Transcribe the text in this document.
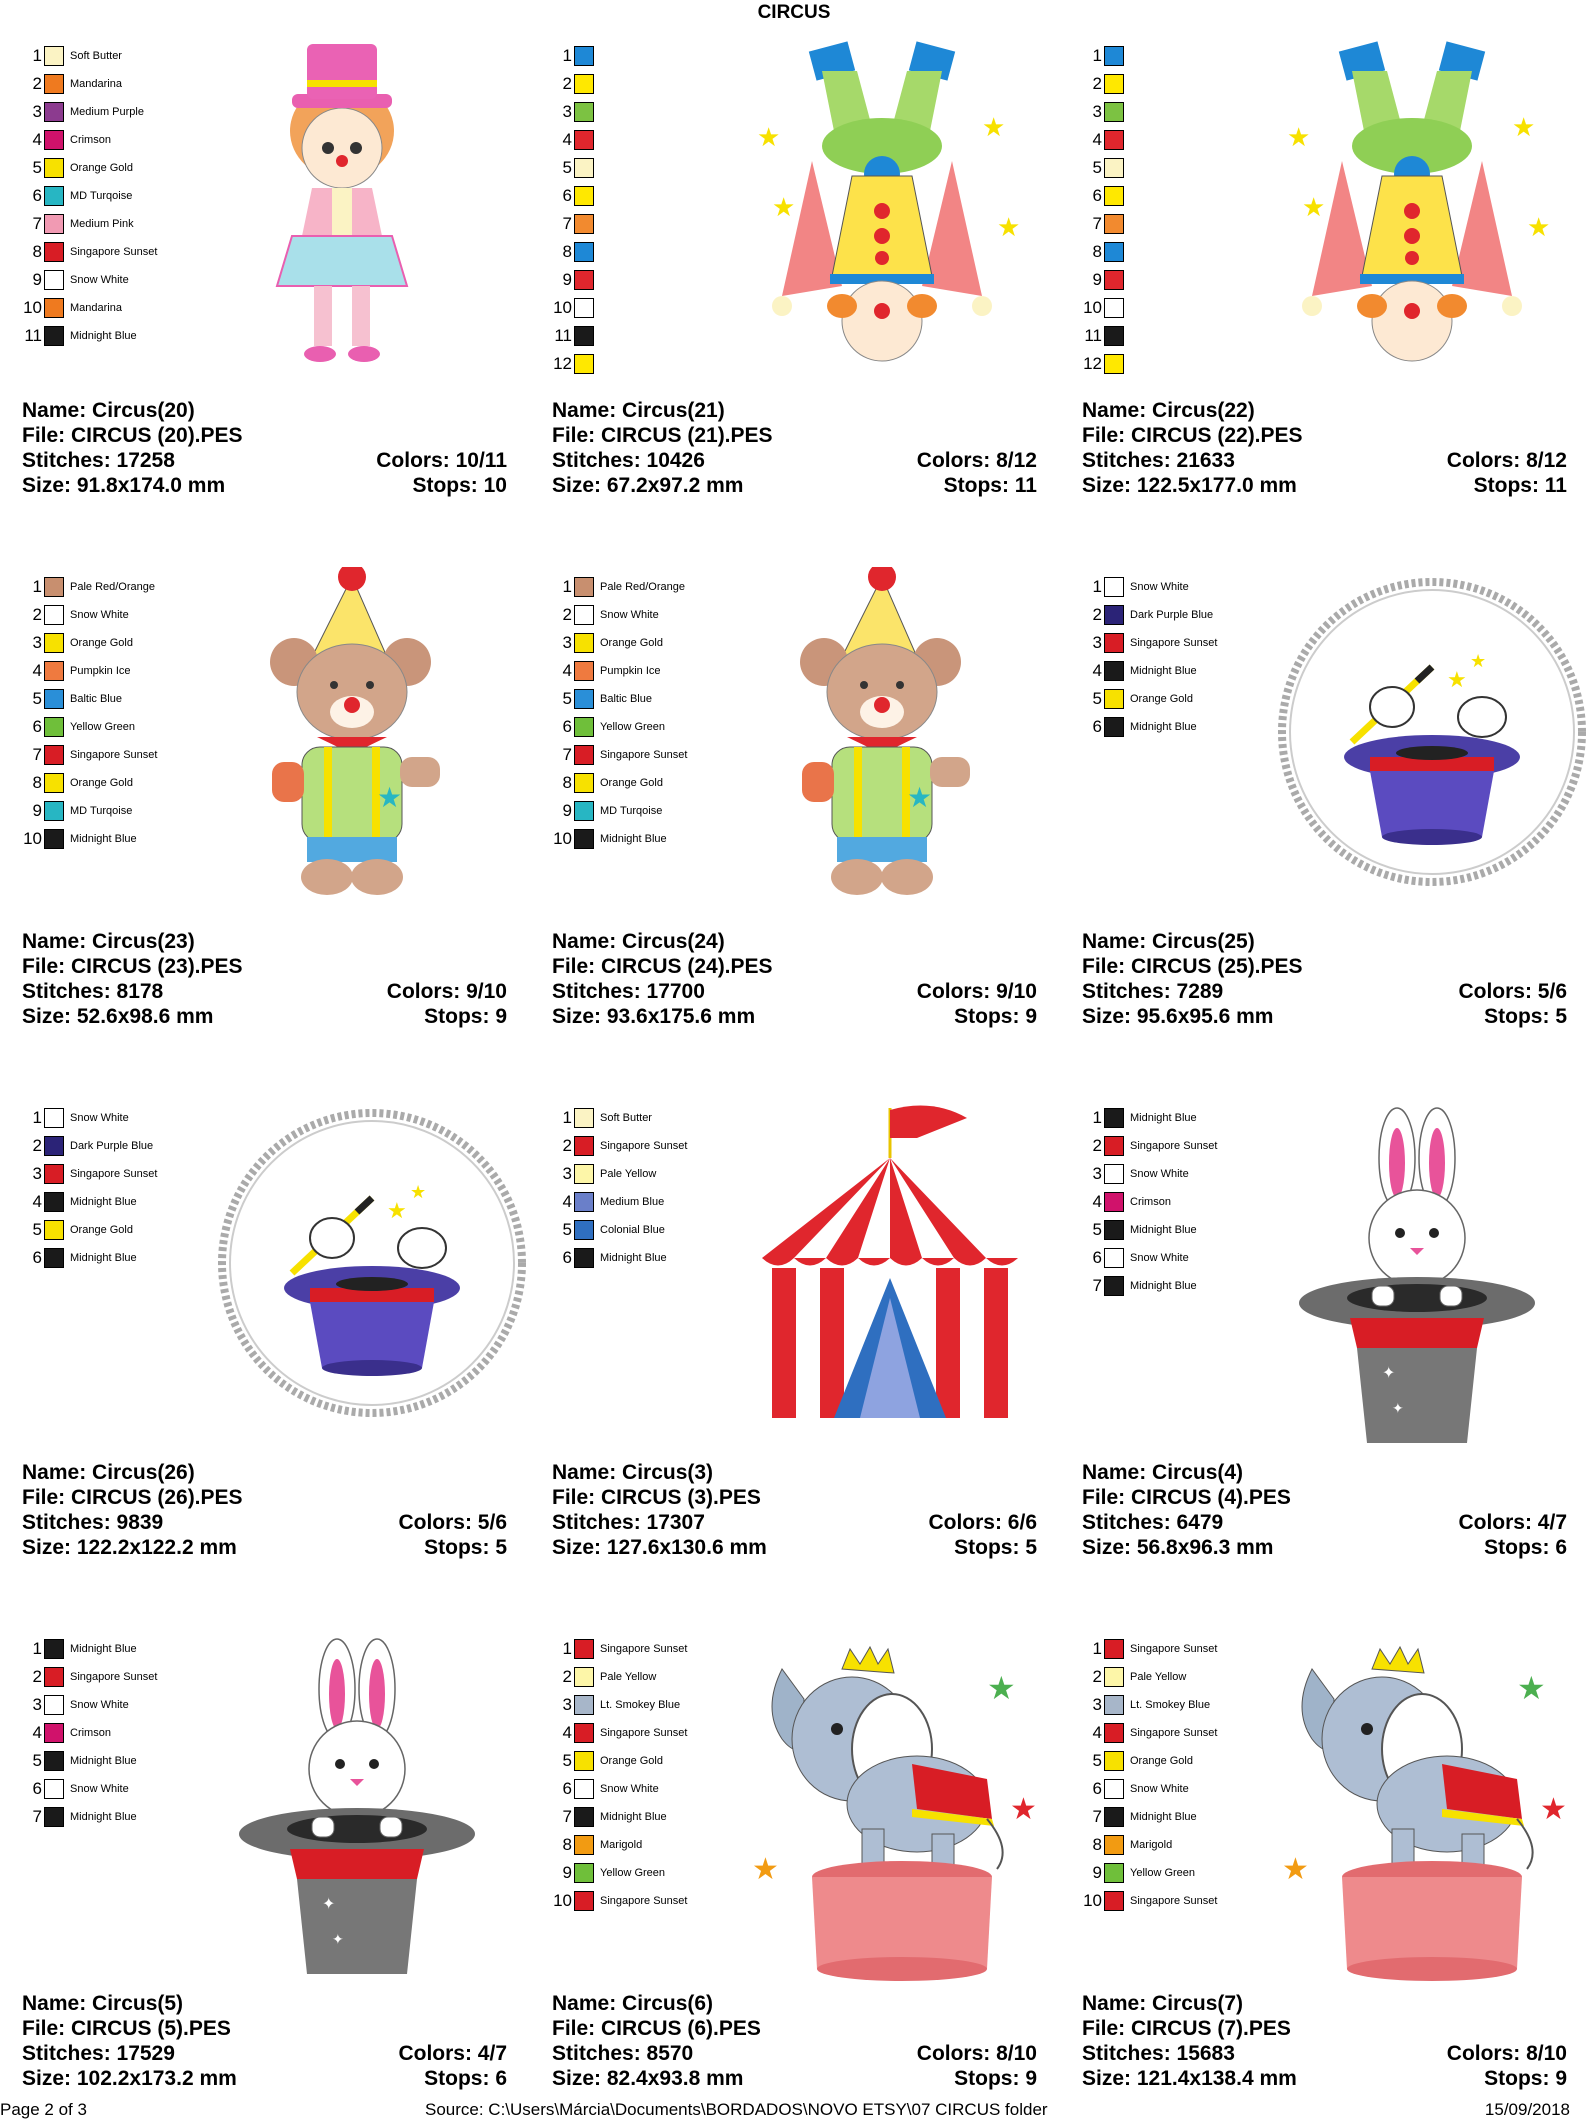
CIRCUS
1	Soft Butter
2	Mandarina
3	Medium Purple
4	Crimson
5	Orange Gold
6	MD Turqoise
7	Medium Pink
8	Singapore Sunset
9	Snow White
10	Mandarina
11	Midnight Blue
Name: Circus(20)
File: CIRCUS (20).PES
Stitches: 17258	Colors: 10/11
Size: 91.8x174.0 mm	Stops: 10
1
2
3
4
5
6
7
8
9
10
11
12
★	★
★
★
Name: Circus(21)
File: CIRCUS (21).PES
Stitches: 10426	Colors: 8/12
Size: 67.2x97.2 mm	Stops: 11
1
2
3
4
5
6
7
8
9
10
11
12
★	★
★
★
Name: Circus(22)
File: CIRCUS (22).PES
Stitches: 21633	Colors: 8/12
Size: 122.5x177.0 mm	Stops: 11
1	Pale Red/Orange
2	Snow White
3	Orange Gold
4	Pumpkin Ice
5	Baltic Blue
6	Yellow Green
7	Singapore Sunset
8	Orange Gold
9	MD Turqoise
10	Midnight Blue
★
Name: Circus(23)
File: CIRCUS (23).PES
Stitches: 8178	Colors: 9/10
Size: 52.6x98.6 mm	Stops: 9
1	Pale Red/Orange
2	Snow White
3	Orange Gold
4	Pumpkin Ice
5	Baltic Blue
6	Yellow Green
7	Singapore Sunset
8	Orange Gold
9	MD Turqoise
10	Midnight Blue
★
Name: Circus(24)
File: CIRCUS (24).PES
Stitches: 17700	Colors: 9/10
Size: 93.6x175.6 mm	Stops: 9
1	Snow White
2	Dark Purple Blue
3	Singapore Sunset
4	Midnight Blue
5	Orange Gold
6	Midnight Blue
★
★
Name: Circus(25)
File: CIRCUS (25).PES
Stitches: 7289	Colors: 5/6
Size: 95.6x95.6 mm	Stops: 5
1	Snow White
2	Dark Purple Blue
3	Singapore Sunset
4	Midnight Blue
5	Orange Gold
6	Midnight Blue
★
★
Name: Circus(26)
File: CIRCUS (26).PES
Stitches: 9839	Colors: 5/6
Size: 122.2x122.2 mm	Stops: 5
1	Soft Butter
2	Singapore Sunset
3	Pale Yellow
4	Medium Blue
5	Colonial Blue
6	Midnight Blue
Name: Circus(3)
File: CIRCUS (3).PES
Stitches: 17307	Colors: 6/6
Size: 127.6x130.6 mm	Stops: 5
1	Midnight Blue
2	Singapore Sunset
3	Snow White
4	Crimson
5	Midnight Blue
6	Snow White
7	Midnight Blue
✦
✦
Name: Circus(4)
File: CIRCUS (4).PES
Stitches: 6479	Colors: 4/7
Size: 56.8x96.3 mm	Stops: 6
1	Midnight Blue
2	Singapore Sunset
3	Snow White
4	Crimson
5	Midnight Blue
6	Snow White
7	Midnight Blue
✦
✦
Name: Circus(5)
File: CIRCUS (5).PES
Stitches: 17529	Colors: 4/7
Size: 102.2x173.2 mm	Stops: 6
1	Singapore Sunset
2	Pale Yellow
3	Lt. Smokey Blue
4	Singapore Sunset
5	Orange Gold
6	Snow White
7	Midnight Blue
8	Marigold
9	Yellow Green
10	Singapore Sunset
★
★
★
Name: Circus(6)
File: CIRCUS (6).PES
Stitches: 8570	Colors: 8/10
Size: 82.4x93.8 mm	Stops: 9
1	Singapore Sunset
2	Pale Yellow
3	Lt. Smokey Blue
4	Singapore Sunset
5	Orange Gold
6	Snow White
7	Midnight Blue
8	Marigold
9	Yellow Green
10	Singapore Sunset
★
★
★
Name: Circus(7)
File: CIRCUS (7).PES
Stitches: 15683	Colors: 8/10
Size: 121.4x138.4 mm	Stops: 9
Page 2 of 3	Source: C:\Users\Márcia\Documents\BORDADOS\NOVO ETSY\07 CIRCUS folder	15/09/2018
